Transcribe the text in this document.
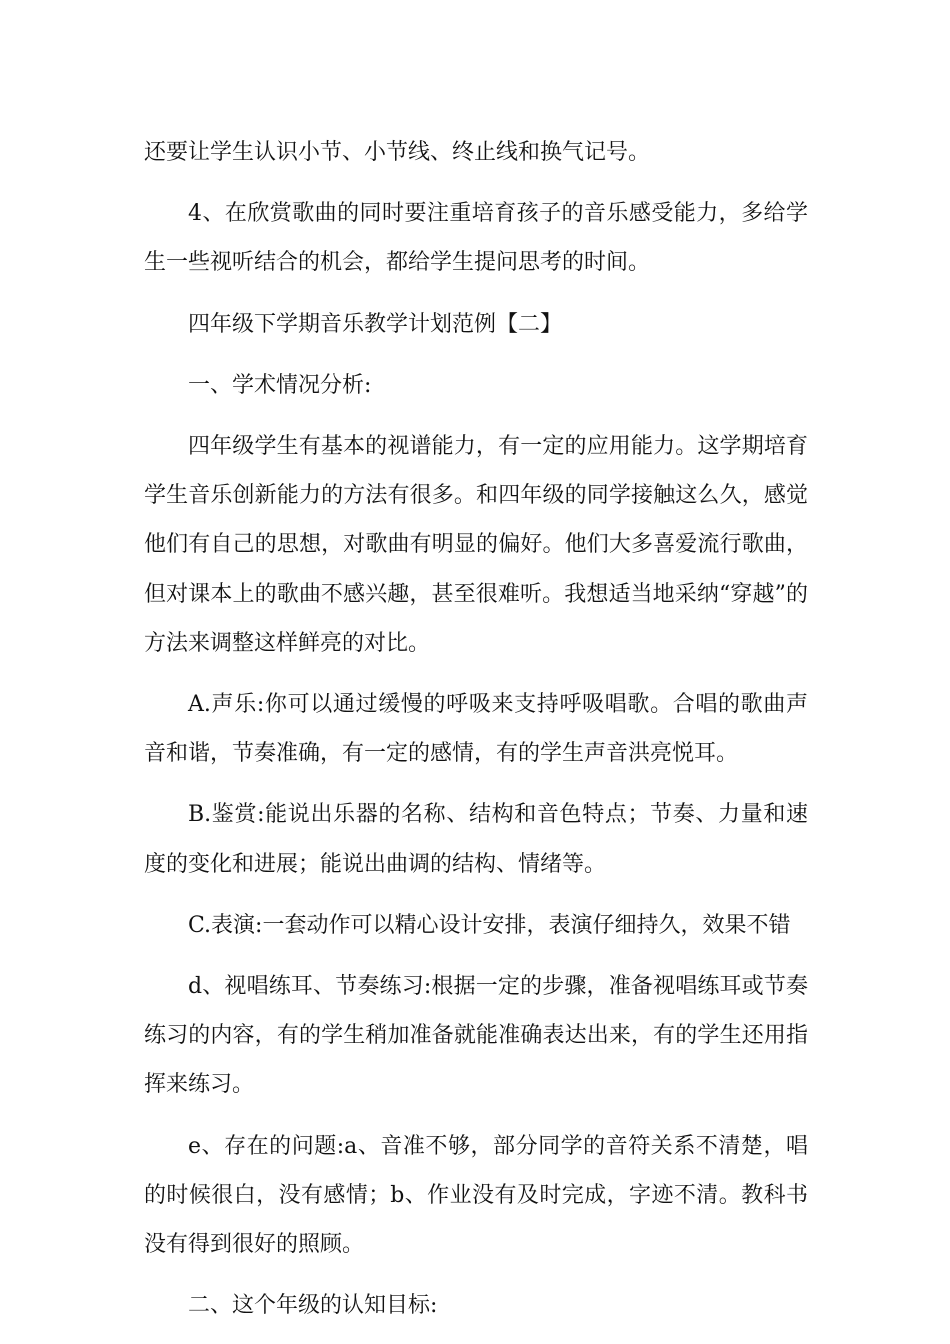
还要让学生认识小节、小节线、终止线和换气记号。

4、在欣赏歌曲的同时要注重培育孩子的音乐感受能力，多给学生一些视听结合的机会，都给学生提问思考的时间。

四年级下学期音乐教学计划范例【二】

一、学术情况分析:

四年级学生有基本的视谱能力，有一定的应用能力。这学期培育学生音乐创新能力的方法有很多。和四年级的同学接触这么久，感觉他们有自己的思想，对歌曲有明显的偏好。他们大多喜爱流行歌曲，但对课本上的歌曲不感兴趣，甚至很难听。我想适当地采纳“穿越”的方法来调整这样鲜亮的对比。

A.声乐:你可以通过缓慢的呼吸来支持呼吸唱歌。合唱的歌曲声音和谐，节奏准确，有一定的感情，有的学生声音洪亮悦耳。

B.鉴赏:能说出乐器的名称、结构和音色特点；节奏、力量和速度的变化和进展；能说出曲调的结构、情绪等。

C.表演:一套动作可以精心设计安排，表演仔细持久，效果不错

d、视唱练耳、节奏练习:根据一定的步骤，准备视唱练耳或节奏练习的内容，有的学生稍加准备就能准确表达出来，有的学生还用指挥来练习。

e、存在的问题:a、音准不够，部分同学的音符关系不清楚，唱的时候很白，没有感情；b、作业没有及时完成，字迹不清。教科书没有得到很好的照顾。

二、这个年级的认知目标:
